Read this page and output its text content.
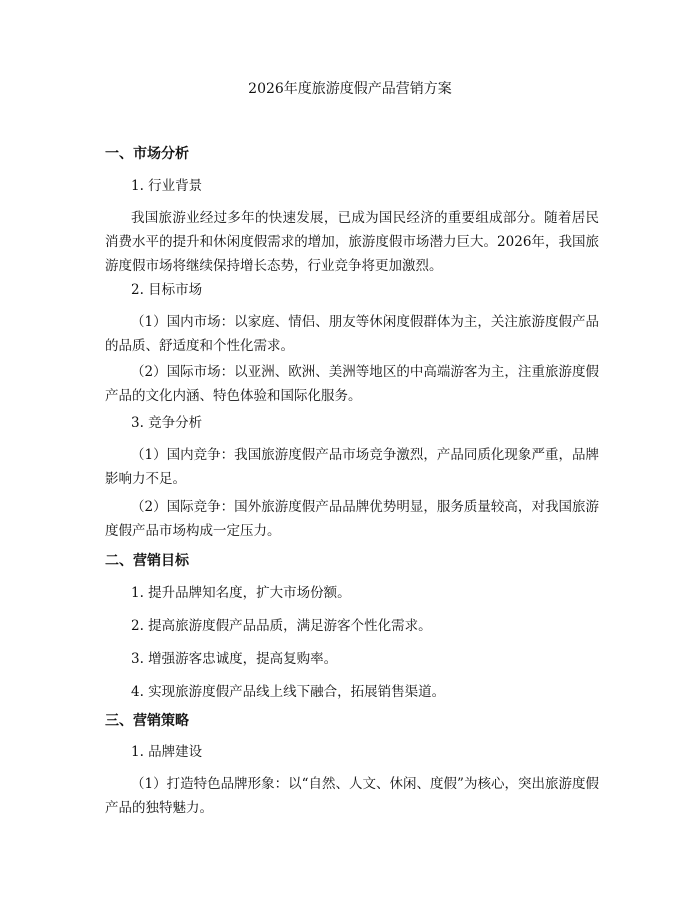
2026年度旅游度假产品营销方案
一、市场分析
1. 行业背景
我国旅游业经过多年的快速发展，已成为国民经济的重要组成部分。随着居民消费水平的提升和休闲度假需求的增加，旅游度假市场潜力巨大。2026年，我国旅游度假市场将继续保持增长态势，行业竞争将更加激烈。
2. 目标市场
（1）国内市场：以家庭、情侣、朋友等休闲度假群体为主，关注旅游度假产品的品质、舒适度和个性化需求。
（2）国际市场：以亚洲、欧洲、美洲等地区的中高端游客为主，注重旅游度假产品的文化内涵、特色体验和国际化服务。
3. 竞争分析
（1）国内竞争：我国旅游度假产品市场竞争激烈，产品同质化现象严重，品牌影响力不足。
（2）国际竞争：国外旅游度假产品品牌优势明显，服务质量较高，对我国旅游度假产品市场构成一定压力。
二、营销目标
1. 提升品牌知名度，扩大市场份额。
2. 提高旅游度假产品品质，满足游客个性化需求。
3. 增强游客忠诚度，提高复购率。
4. 实现旅游度假产品线上线下融合，拓展销售渠道。
三、营销策略
1. 品牌建设
（1）打造特色品牌形象：以“自然、人文、休闲、度假”为核心，突出旅游度假产品的独特魅力。
